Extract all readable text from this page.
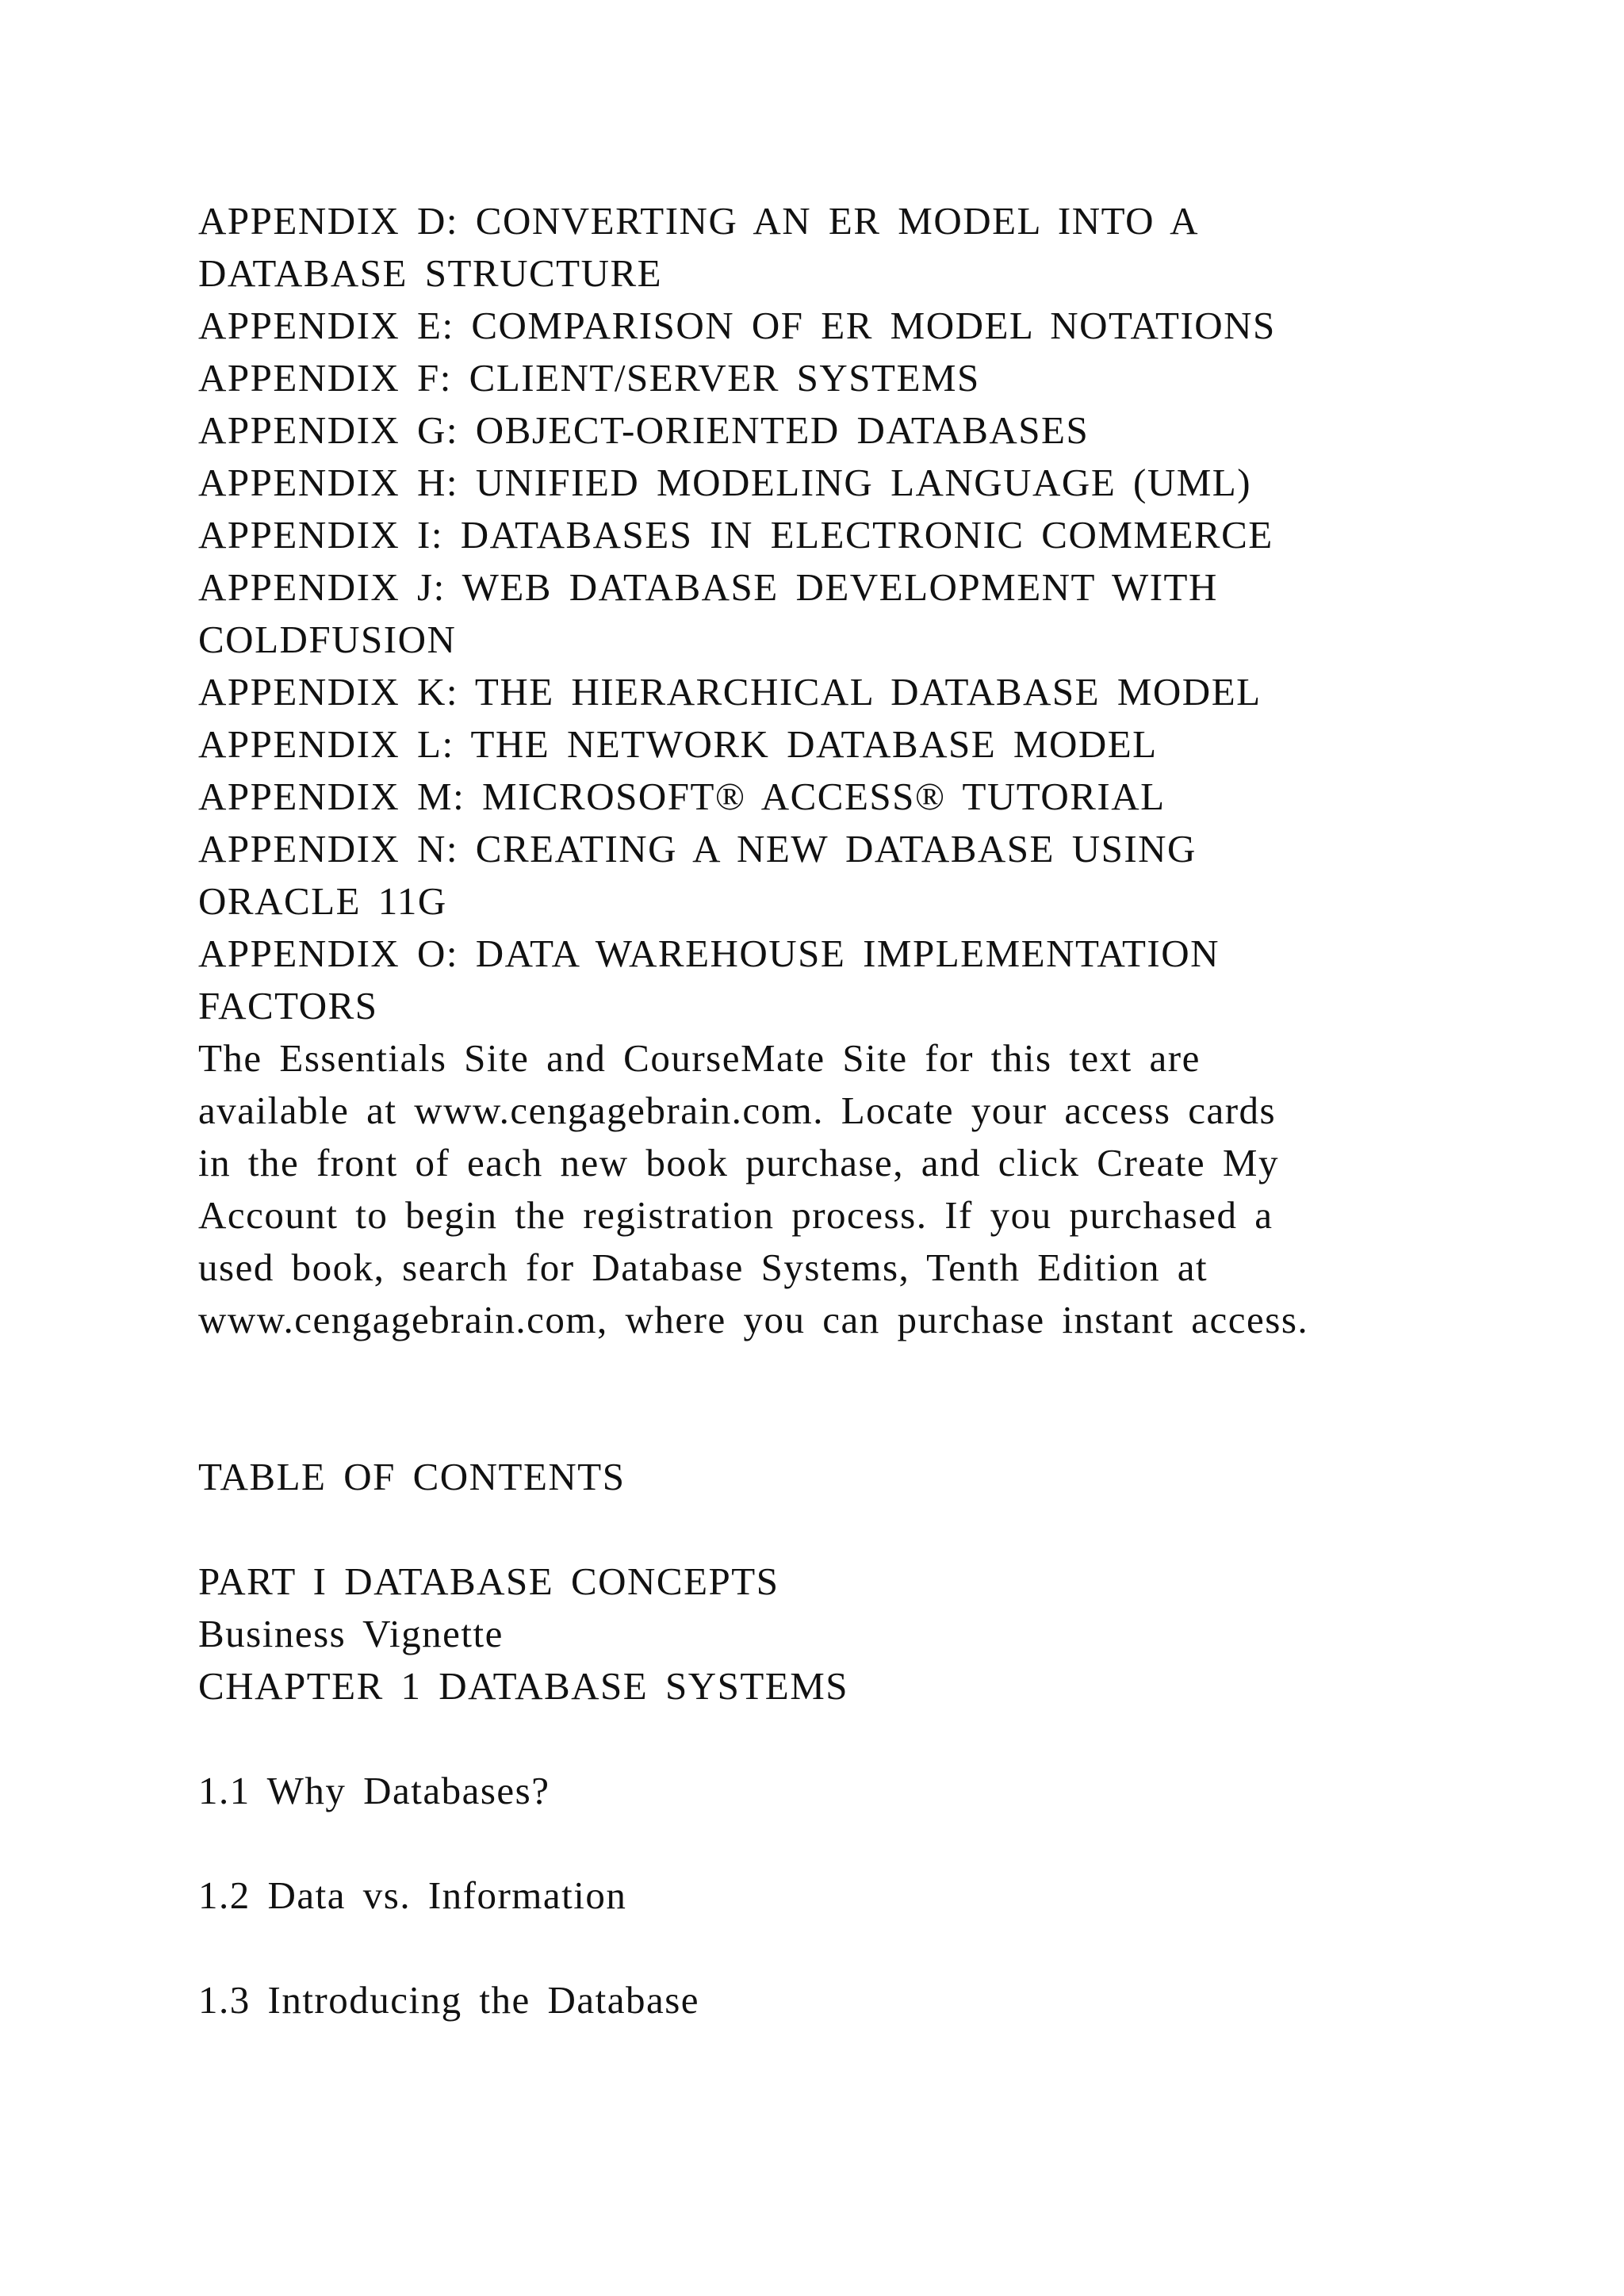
APPENDIX D: CONVERTING AN ER MODEL INTO A
DATABASE STRUCTURE
APPENDIX E: COMPARISON OF ER MODEL NOTATIONS
APPENDIX F: CLIENT/SERVER SYSTEMS
APPENDIX G: OBJECT-ORIENTED DATABASES
APPENDIX H: UNIFIED MODELING LANGUAGE (UML)
APPENDIX I: DATABASES IN ELECTRONIC COMMERCE
APPENDIX J: WEB DATABASE DEVELOPMENT WITH
COLDFUSION
APPENDIX K: THE HIERARCHICAL DATABASE MODEL
APPENDIX L: THE NETWORK DATABASE MODEL
APPENDIX M: MICROSOFT® ACCESS® TUTORIAL
APPENDIX N: CREATING A NEW DATABASE USING
ORACLE 11G
APPENDIX O: DATA WAREHOUSE IMPLEMENTATION
FACTORS
The Essentials Site and CourseMate Site for this text are
available at www.cengagebrain.com. Locate your access cards
in the front of each new book purchase, and click Create My
Account to begin the registration process. If you purchased a
used book, search for Database Systems, Tenth Edition at
www.cengagebrain.com, where you can purchase instant access.
TABLE OF CONTENTS
PART I DATABASE CONCEPTS
Business Vignette
CHAPTER 1 DATABASE SYSTEMS
1.1 Why Databases?
1.2 Data vs. Information
1.3 Introducing the Database
